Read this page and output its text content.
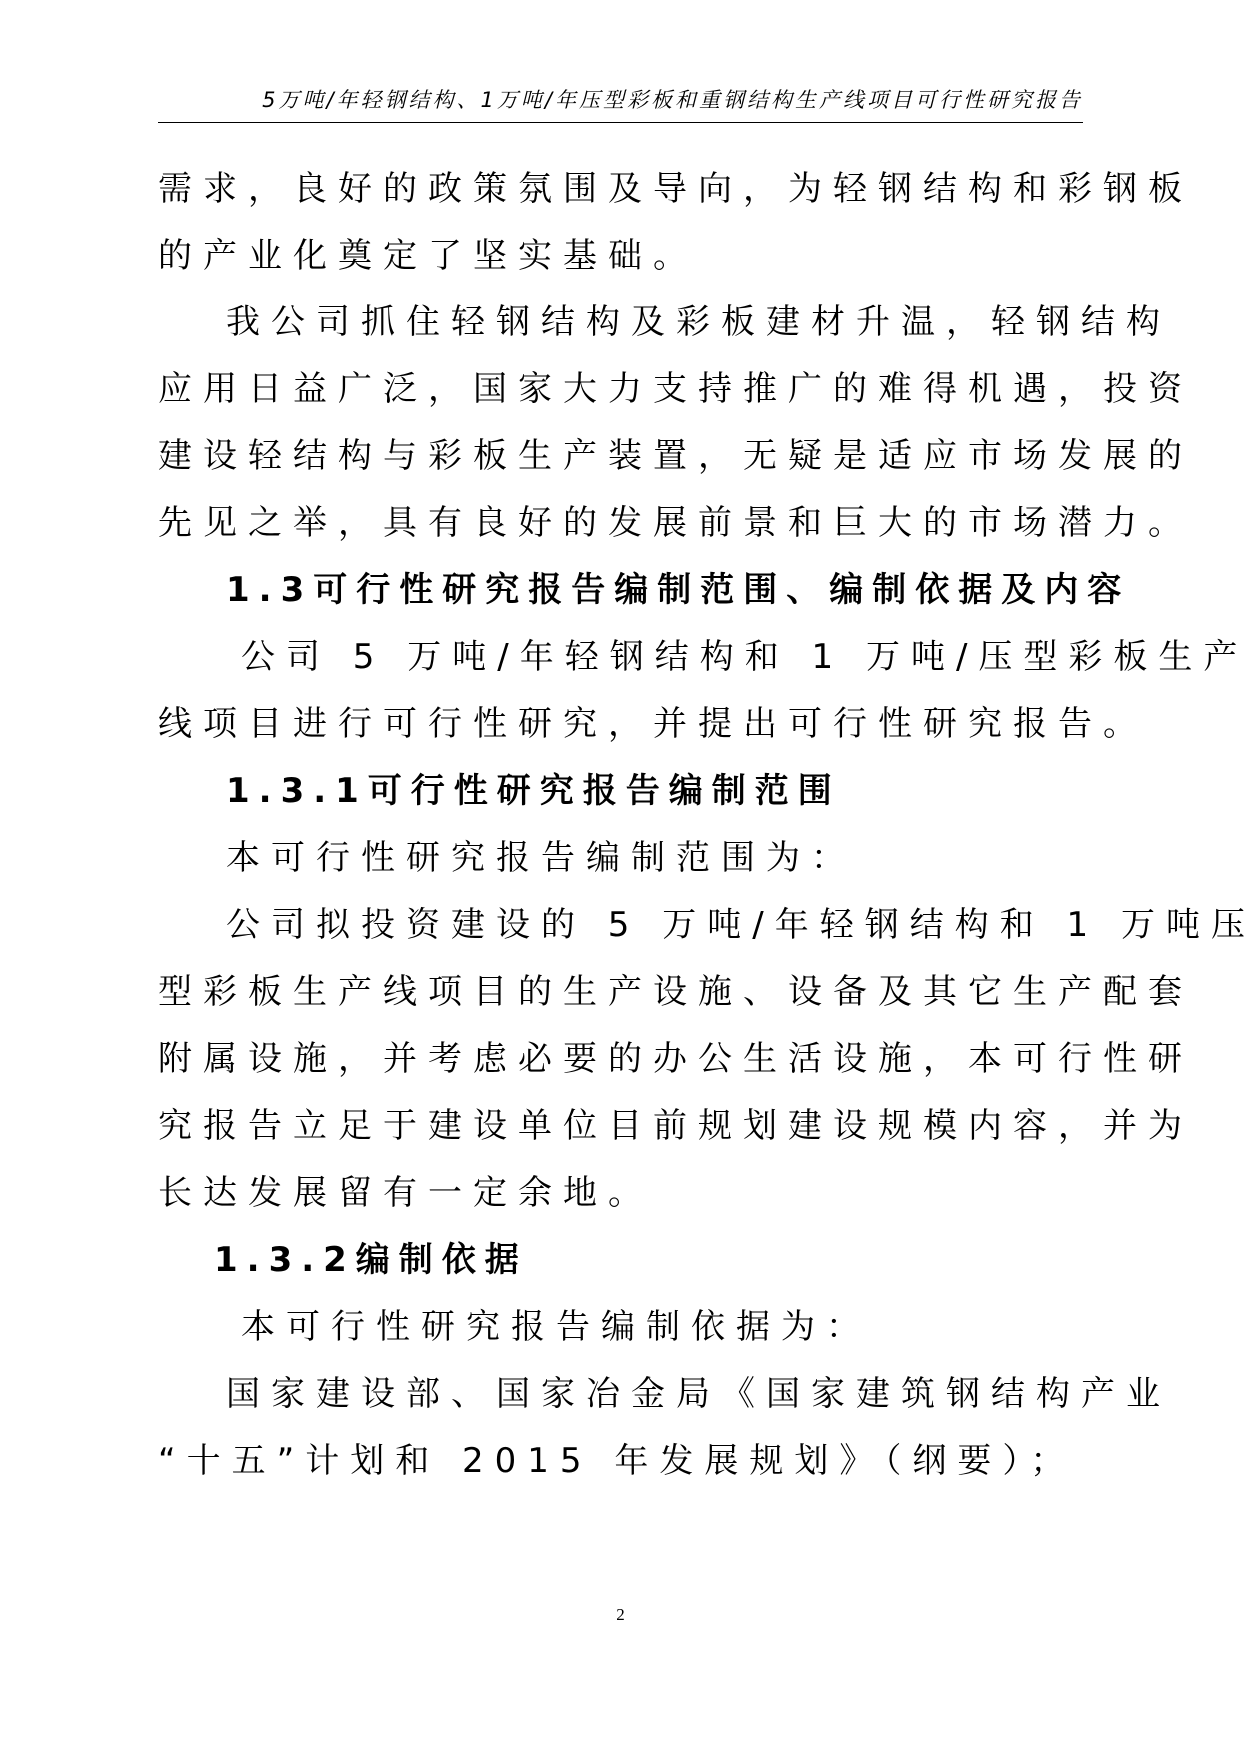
5万吨/年轻钢结构、1万吨/年压型彩板和重钢结构生产线项目可行性研究报告
需求，良好的政策氛围及导向，为轻钢结构和彩钢板
的产业化奠定了坚实基础。
我公司抓住轻钢结构及彩板建材升温，轻钢结构
应用日益广泛，国家大力支持推广的难得机遇，投资
建设轻结构与彩板生产装置，无疑是适应市场发展的
先见之举，具有良好的发展前景和巨大的市场潜力。
1.3可行性研究报告编制范围、编制依据及内容
公司 5 万吨/年轻钢结构和 1 万吨/压型彩板生产
线项目进行可行性研究，并提出可行性研究报告。
1.3.1可行性研究报告编制范围
本可行性研究报告编制范围为：
公司拟投资建设的 5 万吨/年轻钢结构和 1 万吨压
型彩板生产线项目的生产设施、设备及其它生产配套
附属设施，并考虑必要的办公生活设施，本可行性研
究报告立足于建设单位目前规划建设规模内容，并为
长达发展留有一定余地。
1.3.2编制依据
本可行性研究报告编制依据为：
国家建设部、国家冶金局《国家建筑钢结构产业
“十五”计划和 2015 年发展规划》（纲要）；
2
